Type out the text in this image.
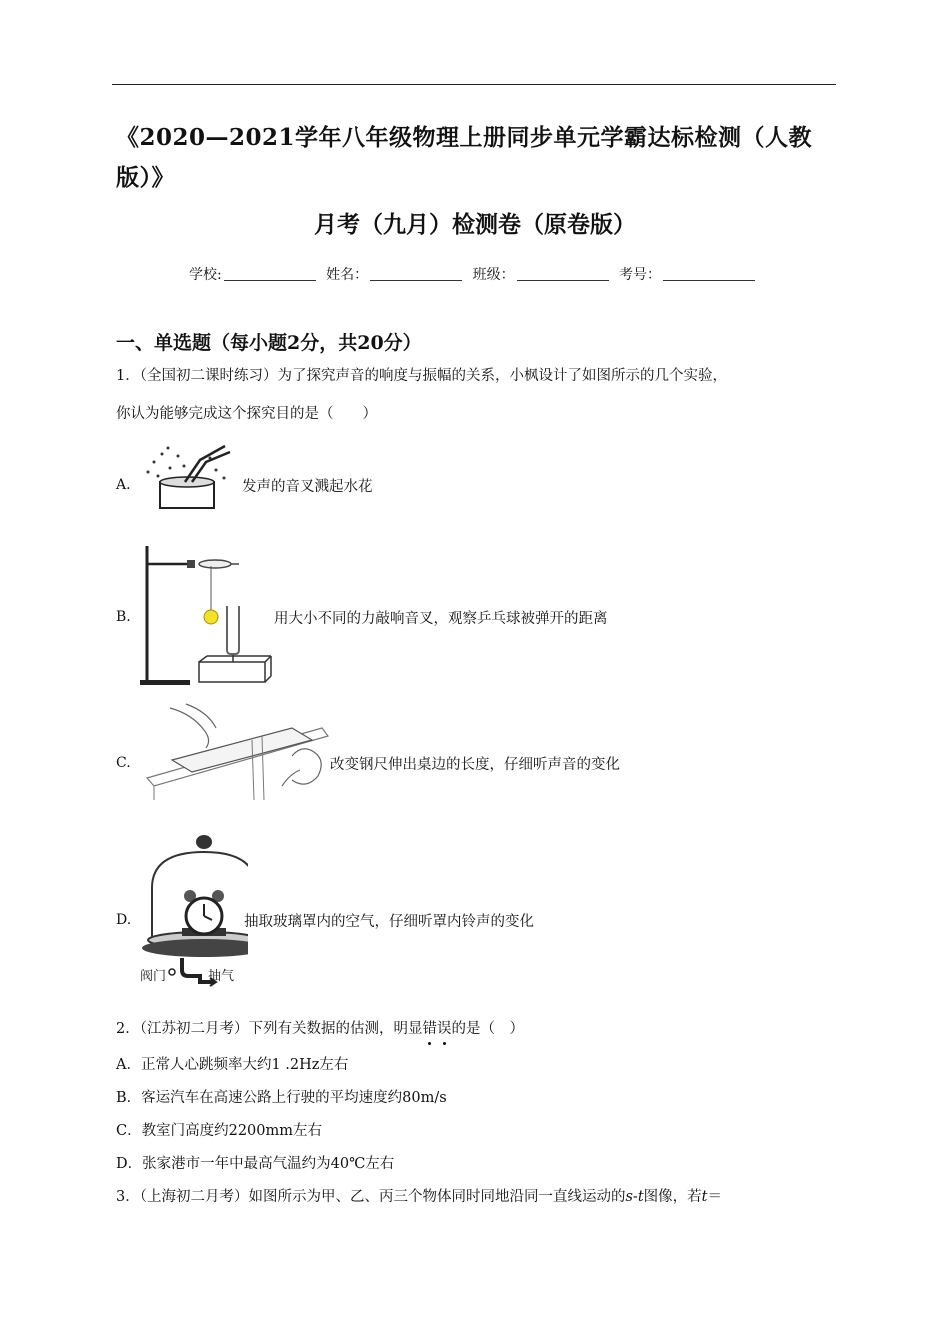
《2020—2021学年八年级物理上册同步单元学霸达标检测（人教版）》
月考（九月）检测卷（原卷版）
学校:	姓名：	班级：	考号：
一、单选题（每小题2分，共20分）
1．（全国初二课时练习）为了探究声音的响度与振幅的关系，小枫设计了如图所示的几个实验，
你认为能够完成这个探究目的是（　　）
A.	发声的音叉溅起水花
B.	用大小不同的力敲响音叉，观察乒乓球被弹开的距离
C.	改变钢尺伸出桌边的长度，仔细听声音的变化
D.
阀门	抽气
抽取玻璃罩内的空气，仔细听罩内铃声的变化
2．（江苏初二月考）下列有关数据的估测，明显错误的是（　）
A．正常人心跳频率大约1 .2Hz左右
B．客运汽车在高速公路上行驶的平均速度约80m/s
C．教室门高度约2200mm左右
D．张家港市一年中最高气温约为40℃左右
3．（上海初二月考）如图所示为甲、乙、丙三个物体同时同地沿同一直线运动的s-t图像，若t＝
